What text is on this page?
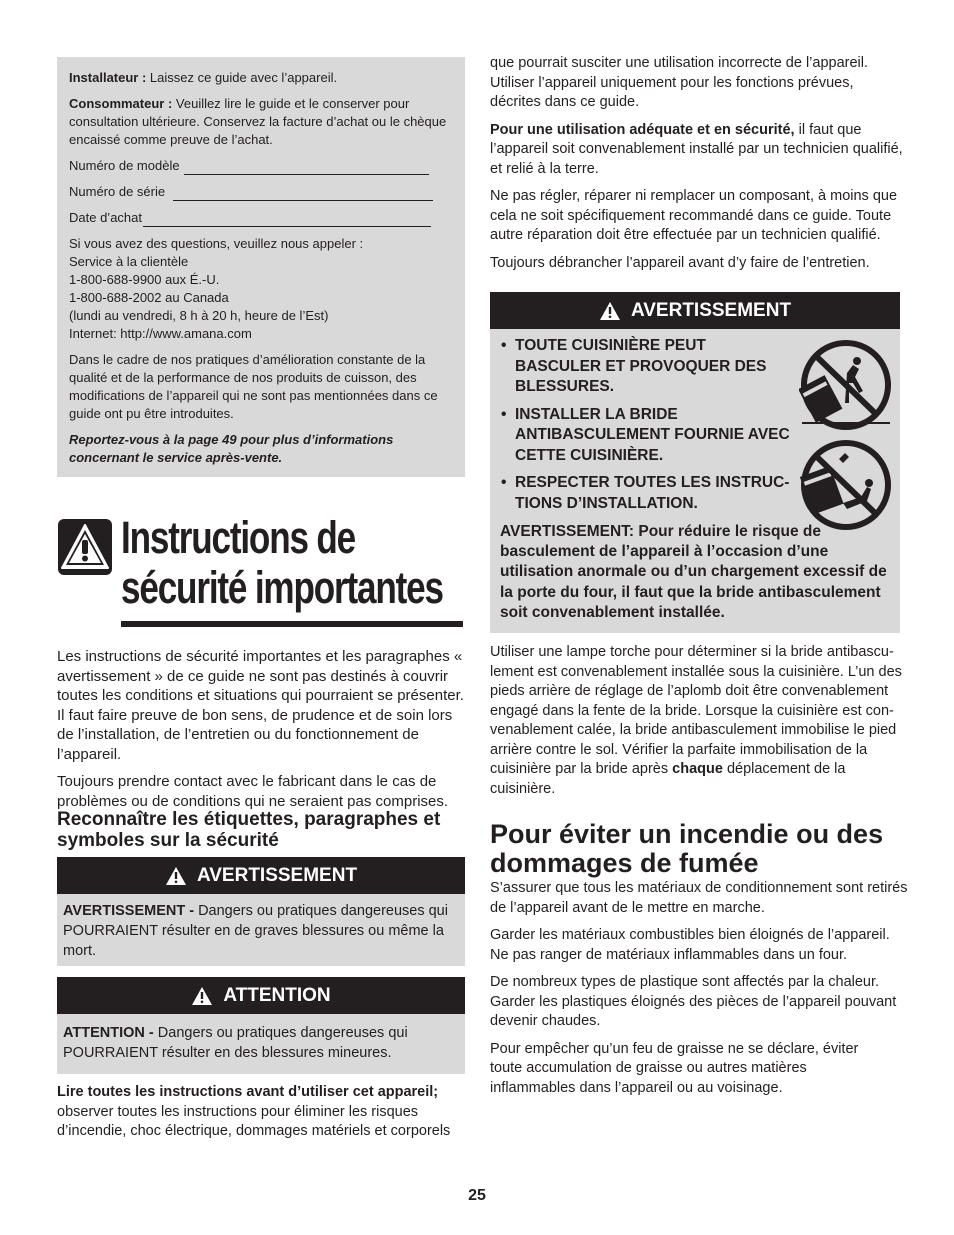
Installateur : Laissez ce guide avec l’appareil.

Consommateur : Veuillez lire le guide et le conserver pour consultation ultérieure. Conservez la facture d’achat ou le chèque encaissé comme preuve de l’achat.

Numéro de modèle
Numéro de série
Date d’achat
Si vous avez des questions, veuillez nous appeler :
Service à la clientèle
1-800-688-9900 aux É.-U.
1-800-688-2002 au Canada
(lundi au vendredi, 8 h à 20 h, heure de l’Est)
Internet: http://www.amana.com

Dans le cadre de nos pratiques d’amélioration constante de la qualité et de la performance de nos produits de cuisson, des modifications de l’appareil qui ne sont pas mentionnées dans ce guide ont pu être introduites.

Reportez-vous à la page 49 pour plus d’informations concernant le service après-vente.

Instructions de
sécurité importantes

Les instructions de sécurité importantes et les paragraphes « avertissement » de ce guide ne sont pas destinés à couvrir toutes les conditions et situations qui pourraient se présenter. Il faut faire preuve de bon sens, de prudence et de soin lors de l’installation, de l’entretien ou du fonctionnement de l’appareil.

Toujours prendre contact avec le fabricant dans le cas de problèmes ou de conditions qui ne seraient pas comprises.

Reconnaître les étiquettes, paragraphes et symboles sur la sécurité
AVERTISSEMENT
AVERTISSEMENT - Dangers ou pratiques dangereuses qui POURRAIENT résulter en de graves blessures ou même la mort.
ATTENTION
ATTENTION - Dangers ou pratiques dangereuses qui POURRAIENT résulter en des blessures mineures.
Lire toutes les instructions avant d’utiliser cet appareil;
observer toutes les instructions pour éliminer les risques d’incendie, choc électrique, dommages matériels et corporels

que pourrait susciter une utilisation incorrecte de l’appareil. Utiliser l’appareil uniquement pour les fonctions prévues, décrites dans ce guide.

Pour une utilisation adéquate et en sécurité, il faut que l’appareil soit convenablement installé par un technicien qualifié, et relié à la terre.

Ne pas régler, réparer ni remplacer un composant, à moins que cela ne soit spécifiquement recommandé dans ce guide. Toute autre réparation doit être effectuée par un technicien qualifié.

Toujours débrancher l’appareil avant d’y faire de l’entretien.

AVERTISSEMENT
• TOUTE CUISINIÈRE PEUT BASCULER ET PROVOQUER DES BLESSURES.
• INSTALLER LA BRIDE ANTIBASCULEMENT FOURNIE AVEC CETTE CUISINIÈRE.
• RESPECTER TOUTES LES INSTRUC-TIONS D’INSTALLATION.
AVERTISSEMENT: Pour réduire le risque de basculement de l’appareil à l’occasion d’une utilisation anormale ou d’un chargement excessif de la porte du four, il faut que la bride antibasculement soit convenablement installée.
Utiliser une lampe torche pour déterminer si la bride antibascu-lement est convenablement installée sous la cuisinière. L’un des pieds arrière de réglage de l’aplomb doit être convenablement engagé dans la fente de la bride. Lorsque la cuisinière est con-venablement calée, la bride antibasculement immobilise le pied arrière contre le sol. Vérifier la parfaite immobilisation de la cuisinière par la bride après chaque déplacement de la cuisinière.
Pour éviter un incendie ou des dommages de fumée

S’assurer que tous les matériaux de conditionnement sont retirés de l’appareil avant de le mettre en marche.

Garder les matériaux combustibles bien éloignés de l’appareil. Ne pas ranger de matériaux inflammables dans un four.

De nombreux types de plastique sont affectés par la chaleur. Garder les plastiques éloignés des pièces de l’appareil pouvant devenir chaudes.

Pour empêcher qu’un feu de graisse ne se déclare, éviter toute accumulation de graisse ou autres matières inflammables dans l’appareil ou au voisinage.

25
